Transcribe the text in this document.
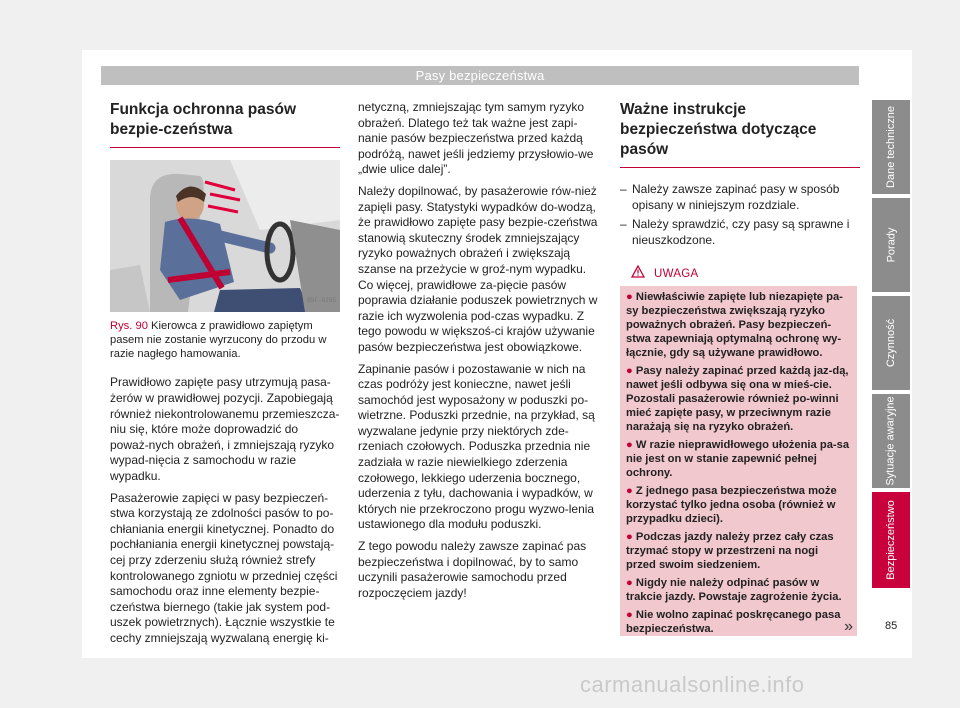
Pasy bezpieczeństwa
Funkcja ochronna pasów bezpie-czeństwa
B5F-0295
Rys. 90 Kierowca z prawidłowo zapiętym pasem nie zostanie wyrzucony do przodu w razie nagłego hamowania.

Prawidłowo zapięte pasy utrzymują pasa-żerów w prawidłowej pozycji. Zapobiegają również niekontrolowanemu przemieszcza-niu się, które może doprowadzić do poważ-nych obrażeń, i zmniejszają ryzyko wypad-nięcia z samochodu w razie wypadku.

Pasażerowie zapięci w pasy bezpieczeń-stwa korzystają ze zdolności pasów to po-chłaniania energii kinetycznej. Ponadto do pochłaniania energii kinetycznej powstają-cej przy zderzeniu służą również strefy kontrolowanego zgniotu w przedniej części samochodu oraz inne elementy bezpie-czeństwa biernego (takie jak system pod-uszek powietrznych). Łącznie wszystkie te cechy zmniejszają wyzwalaną energię ki-

netyczną, zmniejszając tym samym ryzyko obrażeń. Dlatego też tak ważne jest zapi-nanie pasów bezpieczeństwa przed każdą podróżą, nawet jeśli jedziemy przysłowio-we „dwie ulice dalej”.

Należy dopilnować, by pasażerowie rów-nież zapięli pasy. Statystyki wypadków do-wodzą, że prawidłowo zapięte pasy bezpie-czeństwa stanowią skuteczny środek zmniejszający ryzyko poważnych obrażeń i zwiększają szanse na przeżycie w groź-nym wypadku. Co więcej, prawidłowe za-pięcie pasów poprawia działanie poduszek powietrznych w razie ich wyzwolenia pod-czas wypadku. Z tego powodu w większoś-ci krajów używanie pasów bezpieczeństwa jest obowiązkowe.

Zapinanie pasów i pozostawanie w nich na czas podróży jest konieczne, nawet jeśli samochód jest wyposażony w poduszki po-wietrzne. Poduszki przednie, na przykład, są wyzwalane jedynie przy niektórych zde-rzeniach czołowych. Poduszka przednia nie zadziała w razie niewielkiego zderzenia czołowego, lekkiego uderzenia bocznego, uderzenia z tyłu, dachowania i wypadków, w których nie przekroczono progu wyzwo-lenia ustawionego dla modułu poduszki.

Z tego powodu należy zawsze zapinać pas bezpieczeństwa i dopilnować, by to samo uczynili pasażerowie samochodu przed rozpoczęciem jazdy!

Ważne instrukcje bezpieczeństwa dotyczące pasów
– Należy zawsze zapinać pasy w sposób opisany w niniejszym rozdziale.
– Należy sprawdzić, czy pasy są sprawne i nieuszkodzone.
UWAGA

● Niewłaściwie zapięte lub niezapięte pa-sy bezpieczeństwa zwiększają ryzyko poważnych obrażeń. Pasy bezpieczeń-stwa zapewniają optymalną ochronę wy-łącznie, gdy są używane prawidłowo.

● Pasy należy zapinać przed każdą jaz-dą, nawet jeśli odbywa się ona w mieś-cie. Pozostali pasażerowie również po-winni mieć zapięte pasy, w przeciwnym razie narażają się na ryzyko obrażeń.

● W razie nieprawidłowego ułożenia pa-sa nie jest on w stanie zapewnić pełnej ochrony.

● Z jednego pasa bezpieczeństwa może korzystać tylko jedna osoba (również w przypadku dzieci).

● Podczas jazdy należy przez cały czas trzymać stopy w przestrzeni na nogi przed swoim siedzeniem.

● Nigdy nie należy odpinać pasów w trakcie jazdy. Powstaje zagrożenie życia.

● Nie wolno zapinać poskręcanego pasa bezpieczeństwa.	»
Dane techniczne
Porady
Czynność
Sytuacje awaryjne
Bezpieczeństwo
85
carmanualsonline.info
